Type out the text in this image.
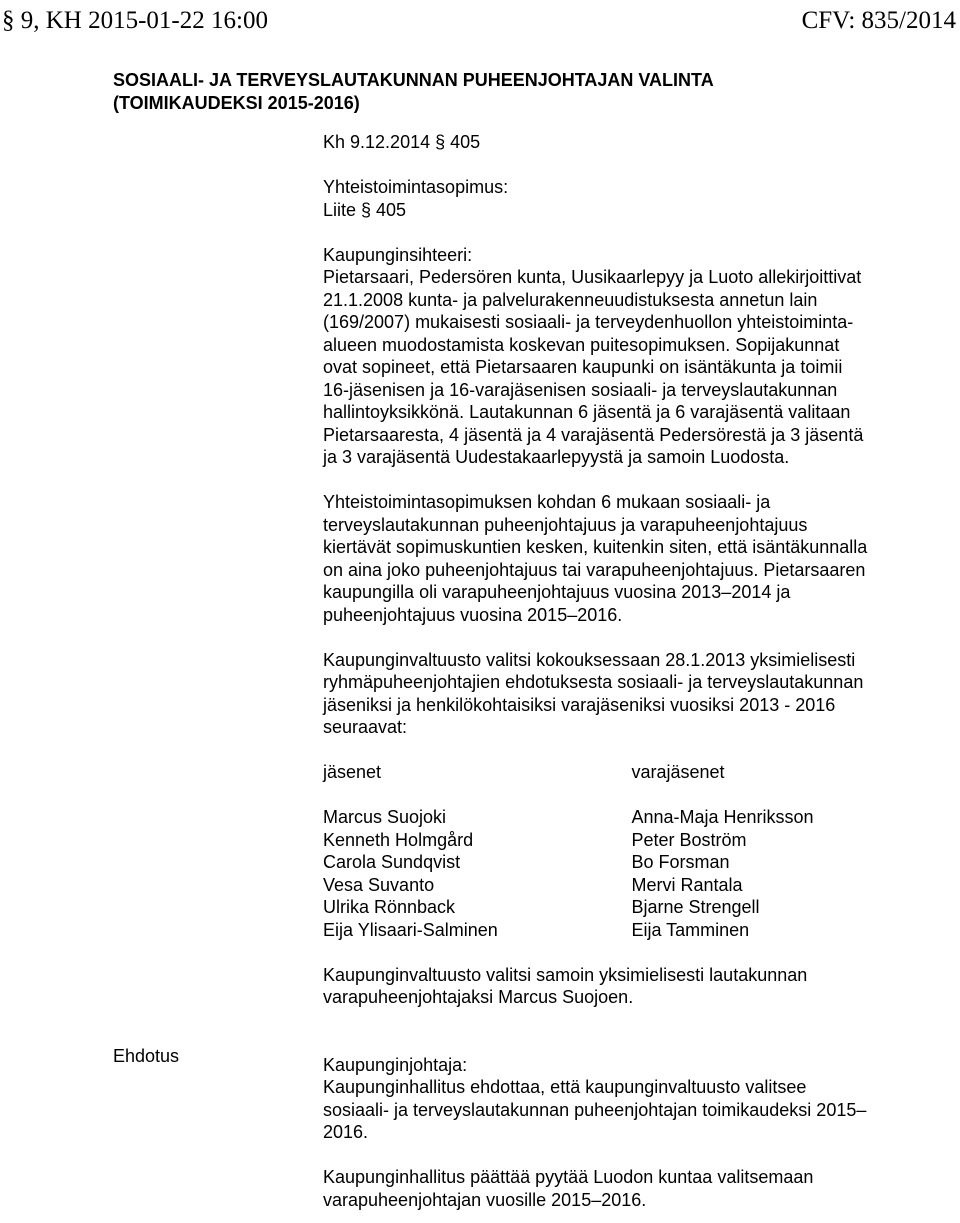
§ 9, KH 2015-01-22 16:00	CFV: 835/2014
SOSIAALI- JA TERVEYSLAUTAKUNNAN PUHEENJOHTAJAN VALINTA (TOIMIKAUDEKSI 2015-2016)

Kh 9.12.2014 § 405

Yhteistoimintasopimus:

Liite § 405

Kaupunginsihteeri:

Pietarsaari, Pedersören kunta, Uusikaarlepyy ja Luoto allekirjoittivat 21.1.2008 kunta- ja palvelurakenneuudistuksesta annetun lain (169/2007) mukaisesti sosiaali- ja terveydenhuollon yhteistoiminta-alueen muodostamista koskevan puitesopimuksen. Sopijakunnat ovat sopineet, että Pietarsaaren kaupunki on isäntäkunta ja toimii 16-jäsenisen ja 16-varajäsenisen sosiaali- ja terveyslautakunnan hallintoyksikkönä. Lautakunnan 6 jäsentä ja 6 varajäsentä valitaan Pietarsaaresta, 4 jäsentä ja 4 varajäsentä Pedersörestä ja 3 jäsentä ja 3 varajäsentä Uudestakaarlepyystä ja samoin Luodosta.

Yhteistoimintasopimuksen kohdan 6 mukaan sosiaali- ja terveyslautakunnan puheenjohtajuus ja varapuheenjohtajuus kiertävät sopimuskuntien kesken, kuitenkin siten, että isäntäkunnalla on aina joko puheenjohtajuus tai varapuheenjohtajuus. Pietarsaaren kaupungilla oli varapuheenjohtajuus vuosina 2013–2014 ja puheenjohtajuus vuosina 2015–2016.

Kaupunginvaltuusto valitsi kokouksessaan 28.1.2013 yksimielisesti ryhmäpuheenjohtajien ehdotuksesta sosiaali- ja terveyslautakunnan jäseniksi ja henkilökohtaisiksi varajäseniksi vuosiksi 2013 - 2016 seuraavat:

jäsenet
Marcus Suojoki
Kenneth Holmgård
Carola Sundqvist
Vesa Suvanto
Ulrika Rönnback
Eija Ylisaari-Salminen
varajäsenet
Anna-Maja Henriksson
Peter Boström
Bo Forsman
Mervi Rantala
Bjarne Strengell
Eija Tamminen

Kaupunginvaltuusto valitsi samoin yksimielisesti lautakunnan varapuheenjohtajaksi Marcus Suojoen.

Kaupunginjohtaja:

Kaupunginhallitus ehdottaa, että kaupunginvaltuusto valitsee sosiaali- ja terveyslautakunnan puheenjohtajan toimikaudeksi 2015–2016.

Kaupunginhallitus päättää pyytää Luodon kuntaa valitsemaan varapuheenjohtajan vuosille 2015–2016.

Ehdotus
